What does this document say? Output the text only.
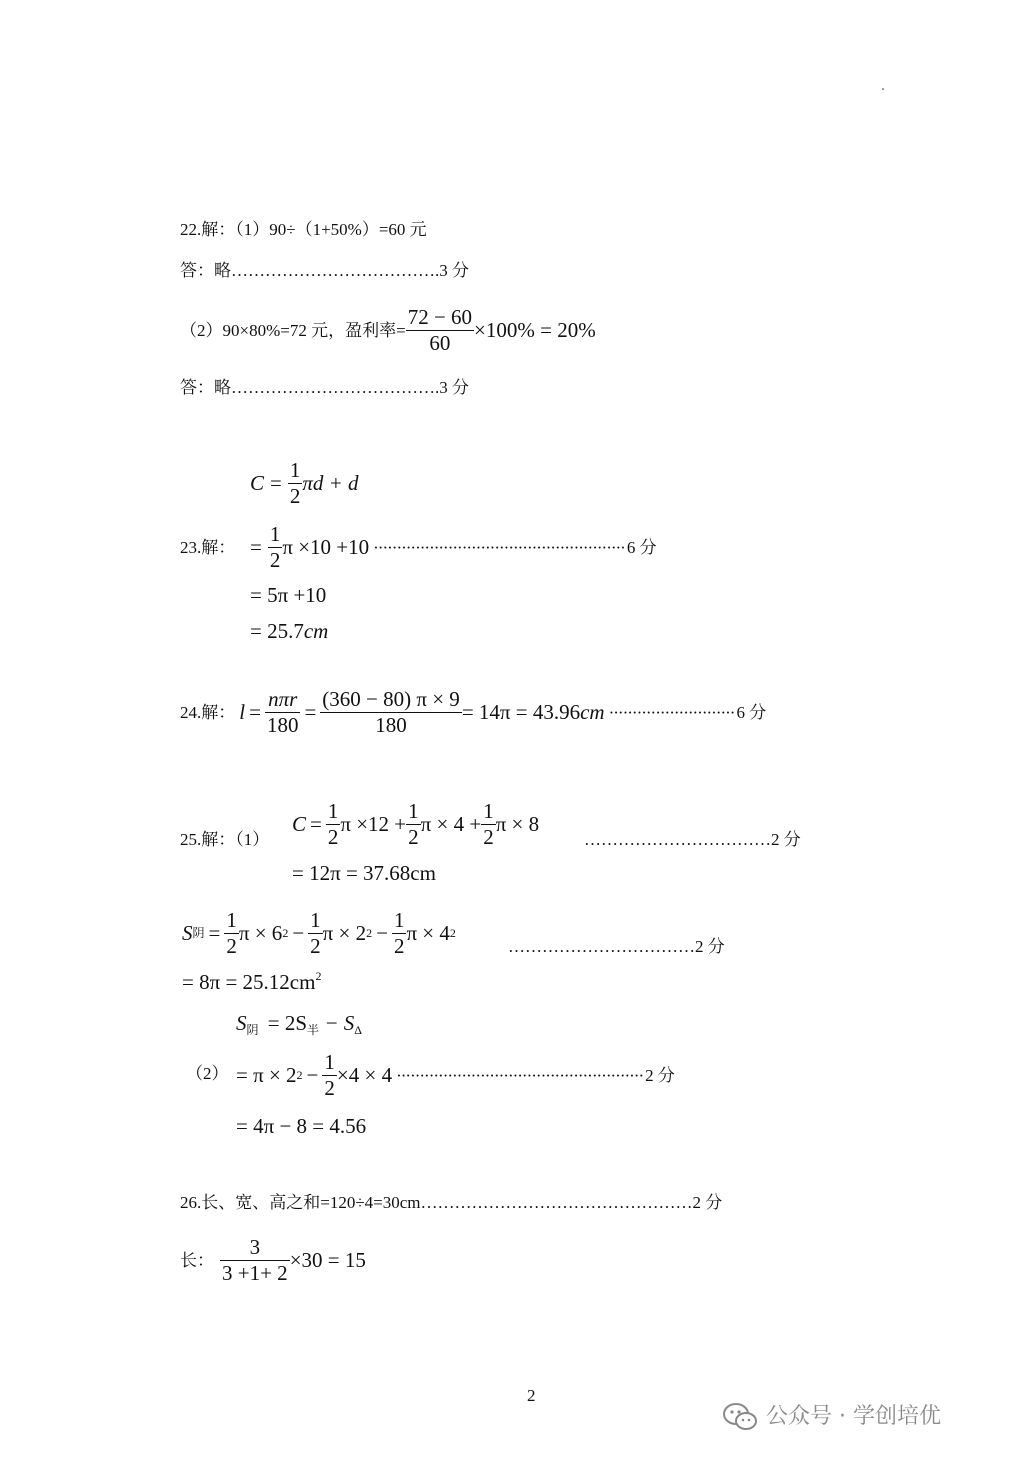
22.解：（1）90÷（1+50%）=60 元
答：略……………………………….3 分
（2）90×80%=72 元，盈利率= $\frac{72 - 60}{60} \times 100\% = 20\%$
答：略……………………………….3 分
$C = \frac{1}{2}$ πd + d
23.解： = $\frac{1}{2}$ π ×10 +10 ······················································ 6 分
= 5π +10
= 25.7cm
24.解： $l = \frac{\text{nπr}}{180} = \frac{(360 - 80) \pi \times 9}{180} = 14\pi = 43.96$ cm ··························· 6 分
25.解：（1）
$C = \frac{1}{2}$ $\pi \times 12 + \frac{1}{2}$ $\pi \times 4 + \frac{1}{2}$ π × 8
……………………………2 分
= 12π = 37.68cm
S 阴 = $\frac{1}{2}$ π × 6 $2 - \frac{1}{2}$ π × 2 $2 - \frac{1}{2}$ π × 4 2
……………………………2 分
= $8\pi = 25.12cm^2$
$S_阴 = 2S_半 - S_\Delta$
（2） = π × 2 $2 - \frac{1}{2} \times 4 \times 4$ ····················································· 2 分
= 4π − 8 = 4.56
26.长、宽、高之和=120÷4=30cm…………………………………………2 分
长： $\frac{3}{3 +1+ 2} \times 30 = 15$
2
公众号 · 学创培优
